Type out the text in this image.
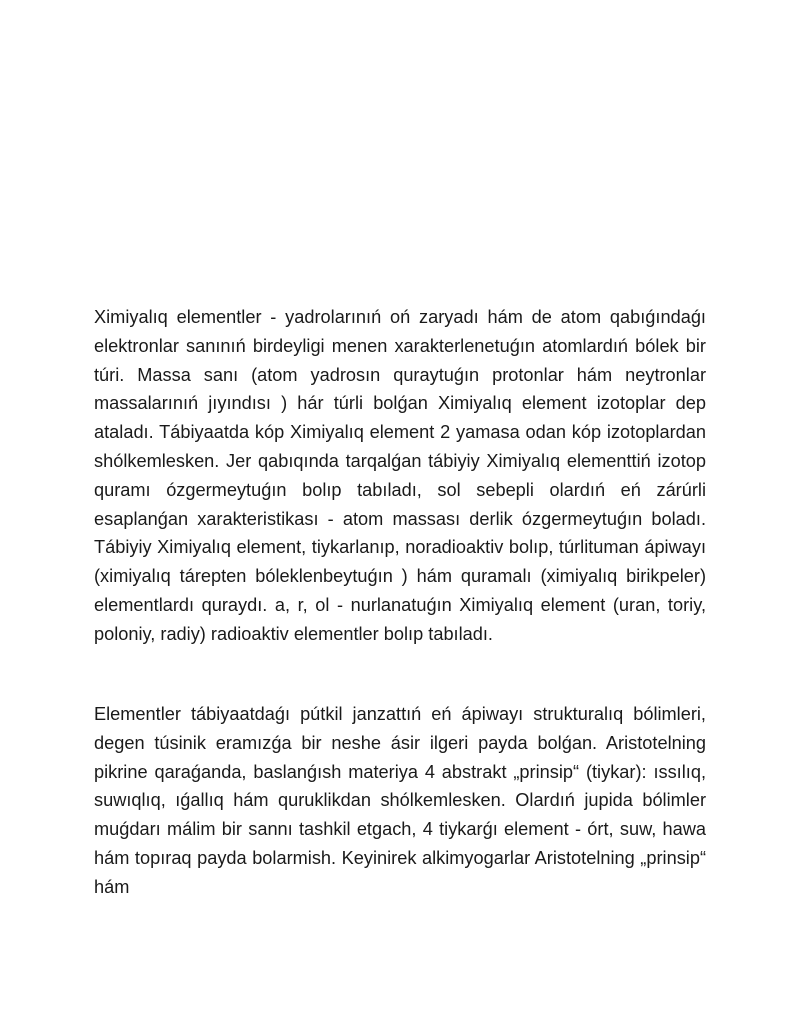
Ximiyalıq elementler - yadrolarınıń oń zaryadı hám de atom qabıǵındaǵı elektronlar sanınıń birdeyligi menen xarakterlenetuǵın atomlardıń bólek bir túri. Massa sanı (atom yadrosın quraytuǵın protonlar hám neytronlar massalarınıń jıyındısı ) hár túrli bolǵan Ximiyalıq element izotoplar dep ataladı. Tábiyaatda kóp Ximiyalıq element 2 yamasa odan kóp izotoplardan shólkemlesken. Jer qabıqında tarqalǵan tábiyiy Ximiyalıq elementtiń izotop quramı ózgermeytuǵın bolıp tabıladı, sol sebepli olardıń eń zárúrli esaplanǵan xarakteristikası - atom massası derlik ózgermeytuǵın boladı. Tábiyiy Ximiyalıq element, tiykarlanıp, noradioaktiv bolıp, túrlituman ápiwayı (ximiyalıq tárepten bóleklenbeytuǵın ) hám quramalı (ximiyalıq birikpeler) elementlardı quraydı. a, r, ol - nurlanatuǵın Ximiyalıq element (uran, toriy, poloniy, radiy) radioaktiv elementler bolıp tabıladı.

Elementler tábiyaatdaǵı pútkil janzattıń eń ápiwayı strukturalıq bólimleri, degen túsinik eramızǵa bir neshe ásir ilgeri payda bolǵan. Aristotelning pikrine qaraǵanda, baslanǵısh materiya 4 abstrakt „prinsip“ (tiykar): ıssılıq, suwıqlıq, ıǵallıq hám quruklikdan shólkemlesken. Olardıń jupida bólimler muǵdarı málim bir sannı tashkil etgach, 4 tiykarǵı element - órt, suw, hawa hám topıraq payda bolarmish. Keyinirek alkimyogarlar Aristotelning „prinsip“ hám
